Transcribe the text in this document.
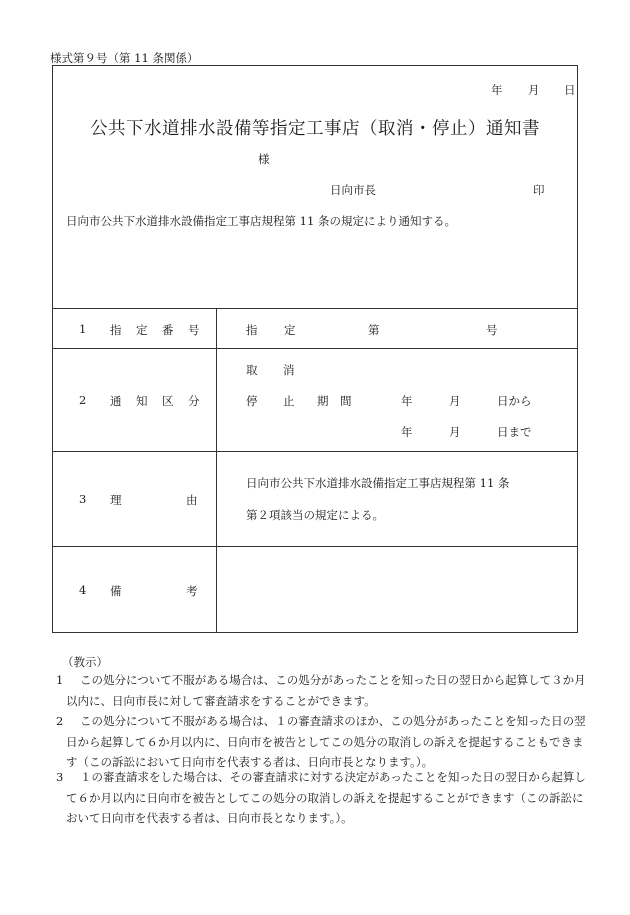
様式第９号（第 11 条関係）
年 月 日
公共下水道排水設備等指定工事店（取消・停止）通知書
様
日向市長	印
日向市公共下水道排水設備指定工事店規程第 11 条の規定により通知する。
1 指 定 番 号	指 定	第	号
2 通 知 区 分
取 消
停 止 期 間	年	月	日から
年	月	日まで
3 理	由
日向市公共下水道排水設備指定工事店規程第 11 条
第２項該当の規定による。
4 備	考
（教示）
1	この処分について不服がある場合は、この処分があったことを知った日の翌日から起算して３か月以内に、日向市長に対して審査請求をすることができます。
2	この処分について不服がある場合は、１の審査請求のほか、この処分があったことを知った日の翌日から起算して６か月以内に、日向市を被告としてこの処分の取消しの訴えを提起することもできます（この訴訟において日向市を代表する者は、日向市長となります。）。
3	１の審査請求をした場合は、その審査請求に対する決定があったことを知った日の翌日から起算して６か月以内に日向市を被告としてこの処分の取消しの訴えを提起することができます（この訴訟において日向市を代表する者は、日向市長となります。）。
